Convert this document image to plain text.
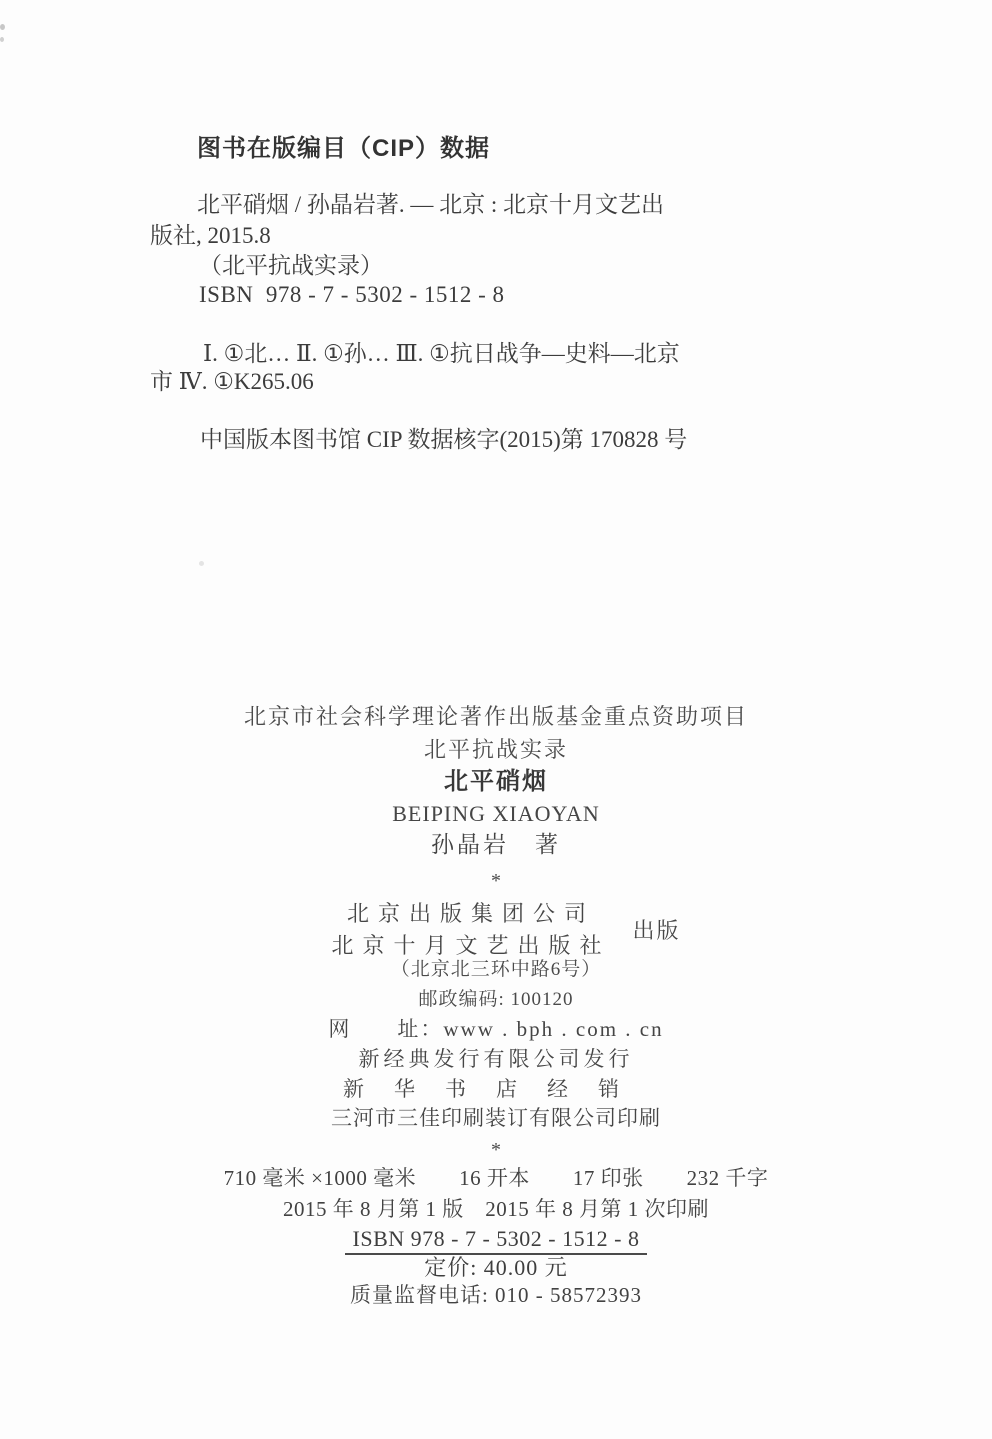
图书在版编目（CIP）数据
北平硝烟 / 孙晶岩著. — 北京 : 北京十月文艺出
版社, 2015.8
（北平抗战实录）
ISBN  978 - 7 - 5302 - 1512 - 8
Ⅰ. ①北… Ⅱ. ①孙… Ⅲ. ①抗日战争—史料—北京
市 Ⅳ. ①K265.06
中国版本图书馆 CIP 数据核字(2015)第 170828 号
北京市社会科学理论著作出版基金重点资助项目
北平抗战实录
北平硝烟
BEIPING XIAOYAN
孙晶岩　著
*
北京出版集团公司
北京十月文艺出版社
出版
（北京北三环中路6号）
邮政编码: 100120
网　　址：www . bph . com . cn
新经典发行有限公司发行
新华书店经销
三河市三佳印刷装订有限公司印刷
*
710 毫米 ×1000 毫米　　16 开本　　17 印张　　232 千字
2015 年 8 月第 1 版　2015 年 8 月第 1 次印刷
ISBN 978 - 7 - 5302 - 1512 - 8
定价: 40.00 元
质量监督电话: 010 - 58572393
